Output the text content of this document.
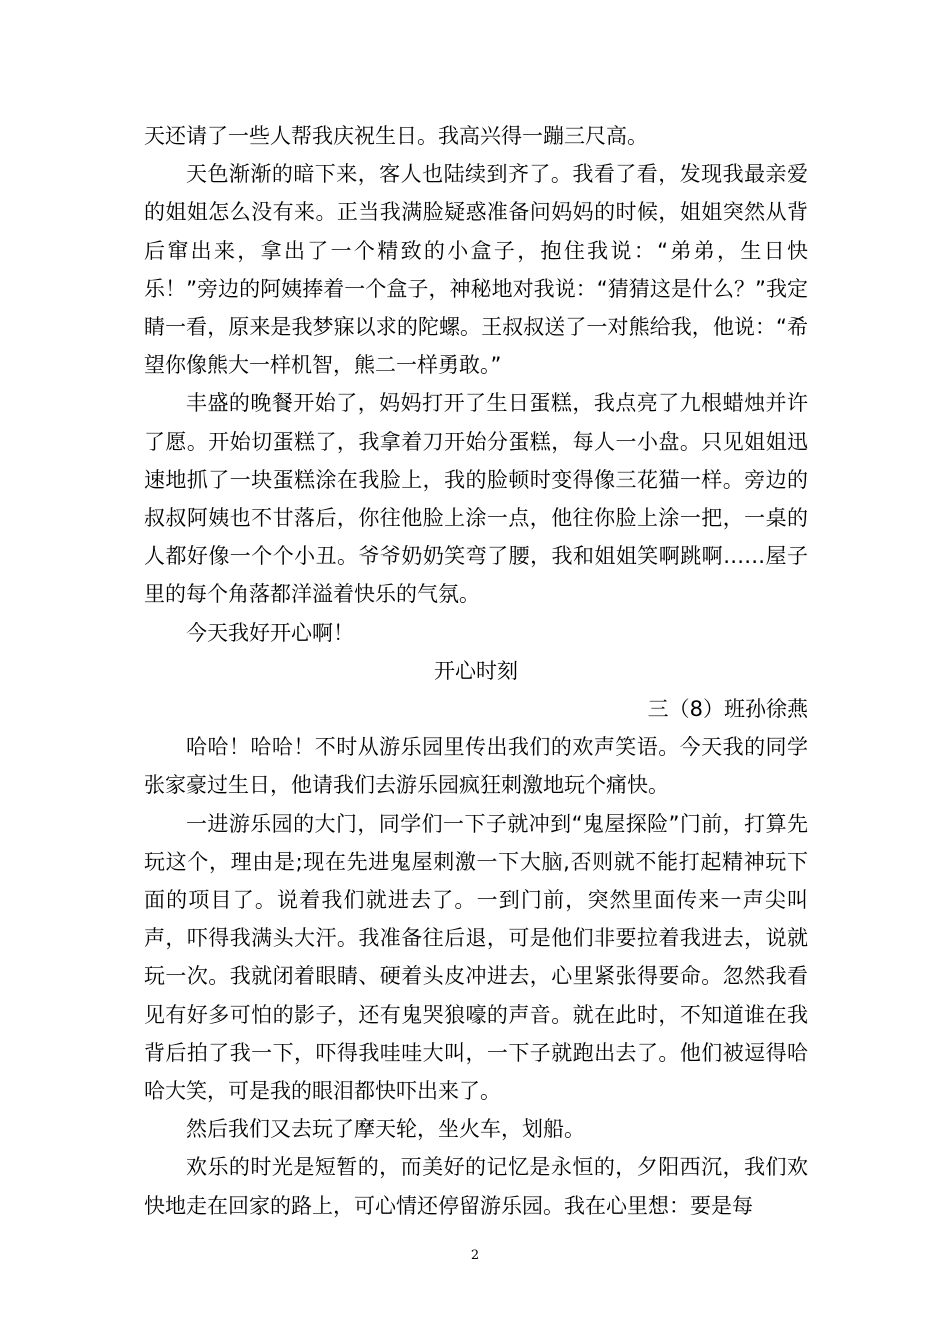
天还请了一些人帮我庆祝生日。我高兴得一蹦三尺高。

天色渐渐的暗下来，客人也陆续到齐了。我看了看，发现我最亲爱的姐姐怎么没有来。正当我满脸疑惑准备问妈妈的时候，姐姐突然从背后窜出来，拿出了一个精致的小盒子，抱住我说：“弟弟，生日快乐！”旁边的阿姨捧着一个盒子，神秘地对我说：“猜猜这是什么？”我定睛一看，原来是我梦寐以求的陀螺。王叔叔送了一对熊给我，他说：“希望你像熊大一样机智，熊二一样勇敢。”

丰盛的晚餐开始了，妈妈打开了生日蛋糕，我点亮了九根蜡烛并许了愿。开始切蛋糕了，我拿着刀开始分蛋糕，每人一小盘。只见姐姐迅速地抓了一块蛋糕涂在我脸上，我的脸顿时变得像三花猫一样。旁边的叔叔阿姨也不甘落后，你往他脸上涂一点，他往你脸上涂一把，一桌的人都好像一个个小丑。爷爷奶奶笑弯了腰，我和姐姐笑啊跳啊……屋子里的每个角落都洋溢着快乐的气氛。

今天我好开心啊！

开心时刻

三（8）班孙徐燕

哈哈！哈哈！不时从游乐园里传出我们的欢声笑语。今天我的同学张家豪过生日，他请我们去游乐园疯狂刺激地玩个痛快。

一进游乐园的大门，同学们一下子就冲到“鬼屋探险”门前，打算先玩这个，理由是;现在先进鬼屋刺激一下大脑,否则就不能打起精神玩下面的项目了。说着我们就进去了。一到门前，突然里面传来一声尖叫声，吓得我满头大汗。我准备往后退，可是他们非要拉着我进去，说就玩一次。我就闭着眼睛、硬着头皮冲进去，心里紧张得要命。忽然我看见有好多可怕的影子，还有鬼哭狼嚎的声音。就在此时，不知道谁在我背后拍了我一下，吓得我哇哇大叫，一下子就跑出去了。他们被逗得哈哈大笑，可是我的眼泪都快吓出来了。

然后我们又去玩了摩天轮，坐火车，划船。

欢乐的时光是短暂的，而美好的记忆是永恒的，夕阳西沉，我们欢快地走在回家的路上，可心情还停留游乐园。我在心里想：要是每

2
